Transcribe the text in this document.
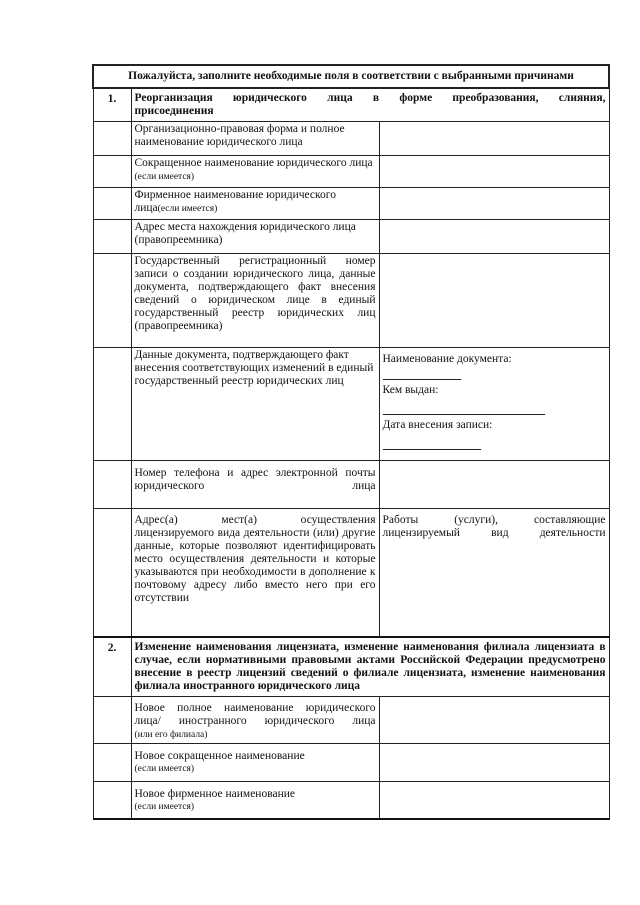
Пожалуйста, заполните необходимые поля в соответствии с выбранными причинами		
1.	Реорганизация юридического лица в форме преобразования, слияния,
присоединения	

	Организационно-правовая форма и полное наименование юридического лица	
	Сокращенное наименование юридического лица (если имеется)	
	Фирменное наименование юридического лица(если имеется)	
	Адрес места нахождения юридического лица (правопреемника)	
	Государственный регистрационный номер записи о создании юридического лица, данные документа, подтверждающего факт внесения сведений о юридическом лице в единый государственный реестр юридических лиц (правопреемника)	
	Данные документа, подтверждающего факт внесения соответствующих изменений в единый государственный реестр юридических лиц	Наименование документа:
Кем выдан:
Дата внесения записи:

	Номер телефона и адрес электронной почты юридического лица	
	Адрес(а) мест(а) осуществления лицензируемого вида деятельности (или) другие данные, которые позволяют идентифицировать место осуществления деятельности и которые указываются при необходимости в дополнение к почтовому адресу либо вместо него при его отсутствии	Работы (услуги), составляющие лицензируемый вид деятельности
2.	Изменение наименования лицензиата, изменение наименования филиала лицензиата в случае, если нормативными правовыми актами Российской Федерации предусмотрено внесение в реестр лицензий сведений о филиале лицензиата, изменение наименования филиала иностранного юридического лица	

	Новое полное наименование юридического лица/ иностранного юридического лица
(или его филиала)	

	Новое сокращенное наименование
(если имеется)	

	Новое фирменное наименование
(если имеется)	
